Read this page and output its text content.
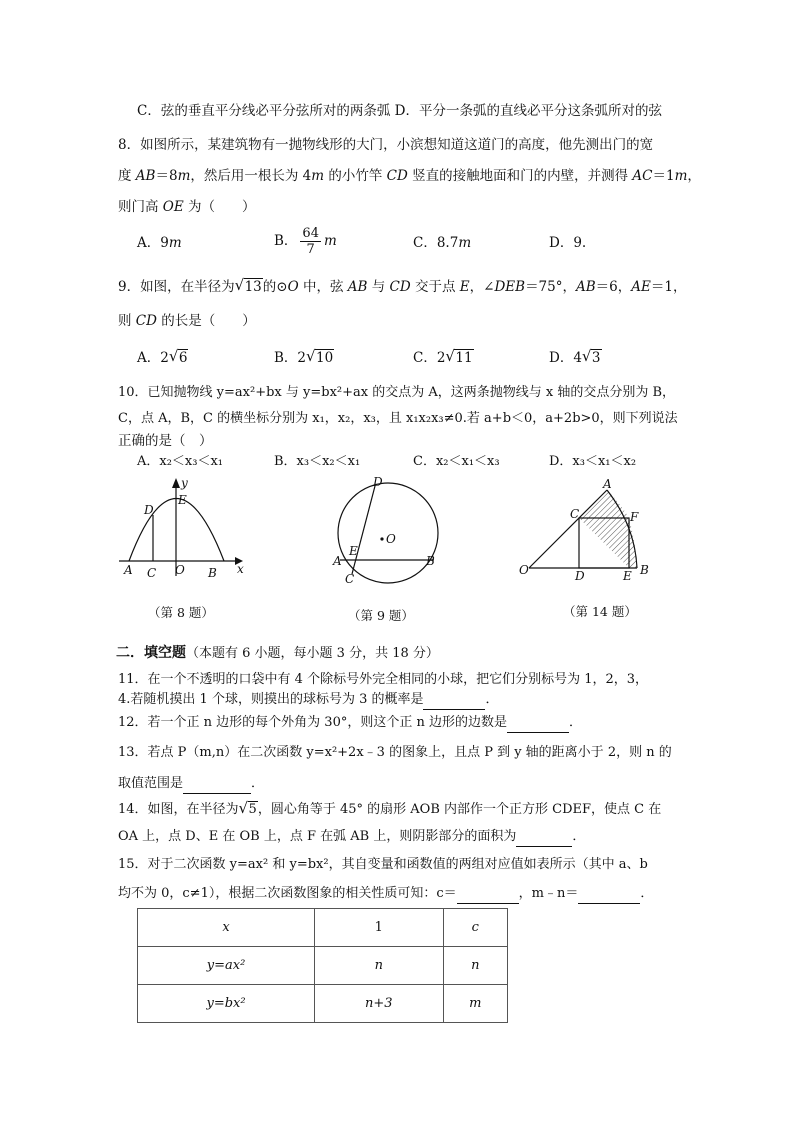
C．弦的垂直平分线必平分弦所对的两条弧 D．平分一条弧的直线必平分这条弧所对的弦
8．如图所示，某建筑物有一抛物线形的大门，小滨想知道这道门的高度，他先测出门的宽
度 AB＝8m，然后用一根长为 4m 的小竹竿 CD 竖直的接触地面和门的内壁，并测得 AC＝1m，
则门高 OE 为（　　）
A．9m	B． $\frac{64}{7}$ m	C．8.7m	D．9.
9．如图，在半径为 √ 13的⊙O 中，弦 AB 与 CD 交于点 E，∠DEB＝75°，AB＝6，AE＝1，
则 CD 的长是（　　）
A．2 √ 6	B．2 √ 10	C．2 √ 11	D．4 √ 3
10．已知抛物线 y=ax²+bx 与 y=bx²+ax 的交点为 A，这两条抛物线与 x 轴的交点分别为 B，
C，点 A，B，C 的横坐标分别为 x₁，x₂，x₃，且 x₁x₂x₃≠0.若 a+b＜0，a+2b>0，则下列说法
正确的是（　）
A．x₂＜x₃＜x₁	B．x₃＜x₂＜x₁	C．x₂＜x₁＜x₃	D．x₃＜x₁＜x₂
y
D
E
A C O B x
（第 8 题）
D
O
E
A
C
B
（第 9 题）
A
C	F
O	D	E B
（第 14 题）
二．填空题（本题有 6 小题，每小题 3 分，共 18 分）
11．在一个不透明的口袋中有 4 个除标号外完全相同的小球，把它们分别标号为 1，2，3，
4.若随机摸出 1 个球，则摸出的球标号为 3 的概率是	．
12．若一个正 n 边形的每个外角为 30°，则这个正 n 边形的边数是	．
13．若点 P（m,n）在二次函数 y=x²+2x﹣3 的图象上，且点 P 到 y 轴的距离小于 2，则 n 的
取值范围是	．
14．如图，在半径为 √ 5，圆心角等于 45° 的扇形 AOB 内部作一个正方形 CDEF，使点 C 在
OA 上，点 D、E 在 OB 上，点 F 在弧 AB 上，则阴影部分的面积为	．
15．对于二次函数 y=ax² 和 y=bx²，其自变量和函数值的两组对应值如表所示（其中 a、b
均不为 0，c≠1），根据二次函数图象的相关性质可知：c＝	，m﹣n＝	．
x	1	c
y=ax²	n	n
y=bx²	n+3	m
